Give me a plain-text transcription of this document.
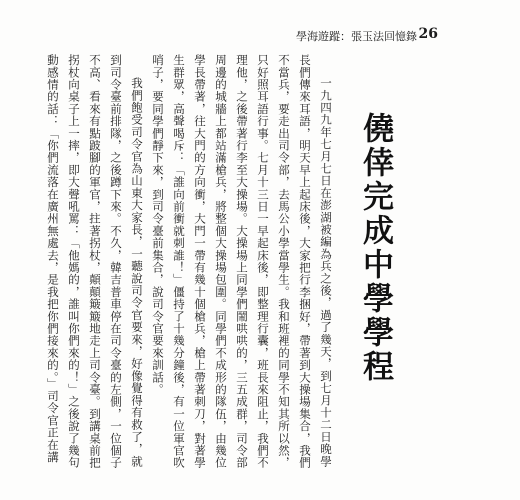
學海遊蹤：張玉法回憶錄 26

一九四九年七月七日在澎湖被編為兵之後，過了幾天，到七月十二日晚學長們傳來耳語，明天早上起床後，大家把行李捆好，帶著到大操場集合，我們不當兵，要走出司令部，去馬公小學當學生。我和班裡的同學不知其所以然，只好照耳語行事。七月十三日一早起床後，即整理行囊，班長來阻止，我們不理他，之後帶著行李至大操場。大操場上同學們鬧哄哄的，三五成群，司令部周邊的城牆上都站滿槍兵，將整個大操場包圍。同學們不成形的隊伍，由幾位學長帶著，往大門的方向衝，大門一帶有幾十個槍兵，槍上帶著刺刀，對著學生群眾，高聲喝斥：「誰向前衝就刺誰！」僵持了十幾分鐘後，有一位軍官吹哨子，要同學們靜下來，到司令臺前集合，說司令官要來訓話。

我們飽受司令官為山東大家長，一聽說司令官要來，好像覺得有救了，就到司令臺前排隊，之後蹲下來。不久，韓吉普車停在司令臺的左側，一位個子不高、看來有點跛腳的軍官，拄著拐杖，顛顛簸簸地走上司令臺。到講桌前把拐杖向桌子上一摔，即大聲吼罵：「他媽的，誰叫你們來的！」之後說了幾句動感情的話：「你們流落在廣州無處去，是我把你們接來的。」司令官正在講	僥倖完成中學學程
